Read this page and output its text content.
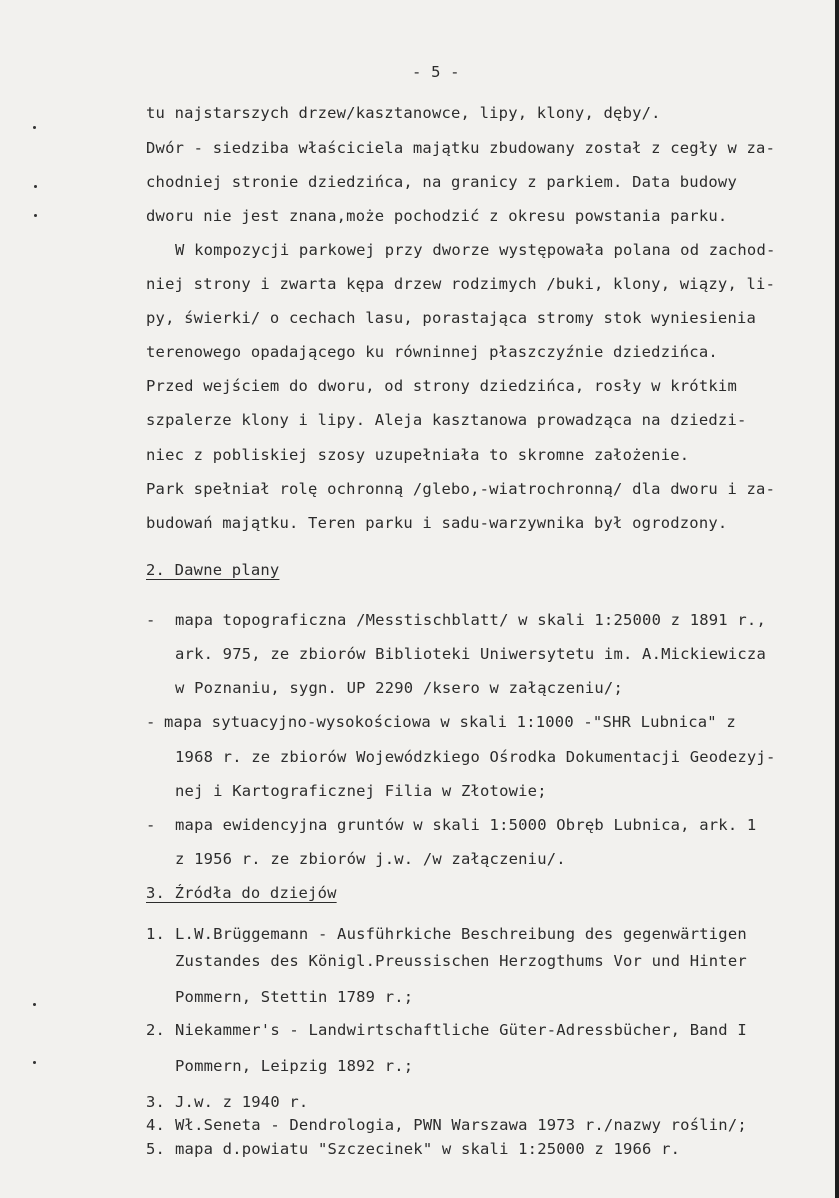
- 5 -
tu najstarszych drzew/kasztanowce, lipy, klony, dęby/.
Dwór - siedziba właściciela majątku zbudowany został z cegły w za-
chodniej stronie dziedzińca, na granicy z parkiem. Data budowy
dworu nie jest znana,może pochodzić z okresu powstania parku.
W kompozycji parkowej przy dworze występowała polana od zachod-
niej strony i zwarta kępa drzew rodzimych /buki, klony, wiązy, li-
py, świerki/ o cechach lasu, porastająca stromy stok wyniesienia
terenowego opadającego ku równinnej płaszczyźnie dziedzińca.
Przed wejściem do dworu, od strony dziedzińca, rosły w krótkim
szpalerze klony i lipy. Aleja kasztanowa prowadząca na dziedzi-
niec z pobliskiej szosy uzupełniała to skromne założenie.
Park spełniał rolę ochronną /glebo,-wiatrochronną/ dla dworu i za-
budowań majątku. Teren parku i sadu-warzywnika był ogrodzony.
2. Dawne plany
- mapa topograficzna /Messtischblatt/ w skali 1:25000 z 1891 r.,
ark. 975, ze zbiorów Biblioteki Uniwersytetu im. A.Mickiewicza
w Poznaniu, sygn. UP 2290 /ksero w załączeniu/;
- mapa sytuacyjno-wysokościowa w skali 1:1000 -"SHR Lubnica" z
1968 r. ze zbiorów Wojewódzkiego Ośrodka Dokumentacji Geodezyj-
nej i Kartograficznej Filia w Złotowie;
- mapa ewidencyjna gruntów w skali 1:5000 Obręb Lubnica, ark. 1
z 1956 r. ze zbiorów j.w. /w załączeniu/.
3. Źródła do dziejów
1. L.W.Brüggemann - Ausführkiche Beschreibung des gegenwärtigen
Zustandes des Königl.Preussischen Herzogthums Vor und Hinter
Pommern, Stettin 1789 r.;
2. Niekammer's - Landwirtschaftliche Güter-Adressbücher, Band I
Pommern, Leipzig 1892 r.;
3. J.w. z 1940 r.
4. Wł.Seneta - Dendrologia, PWN Warszawa 1973 r./nazwy roślin/;
5. mapa d.powiatu "Szczecinek" w skali 1:25000 z 1966 r.
